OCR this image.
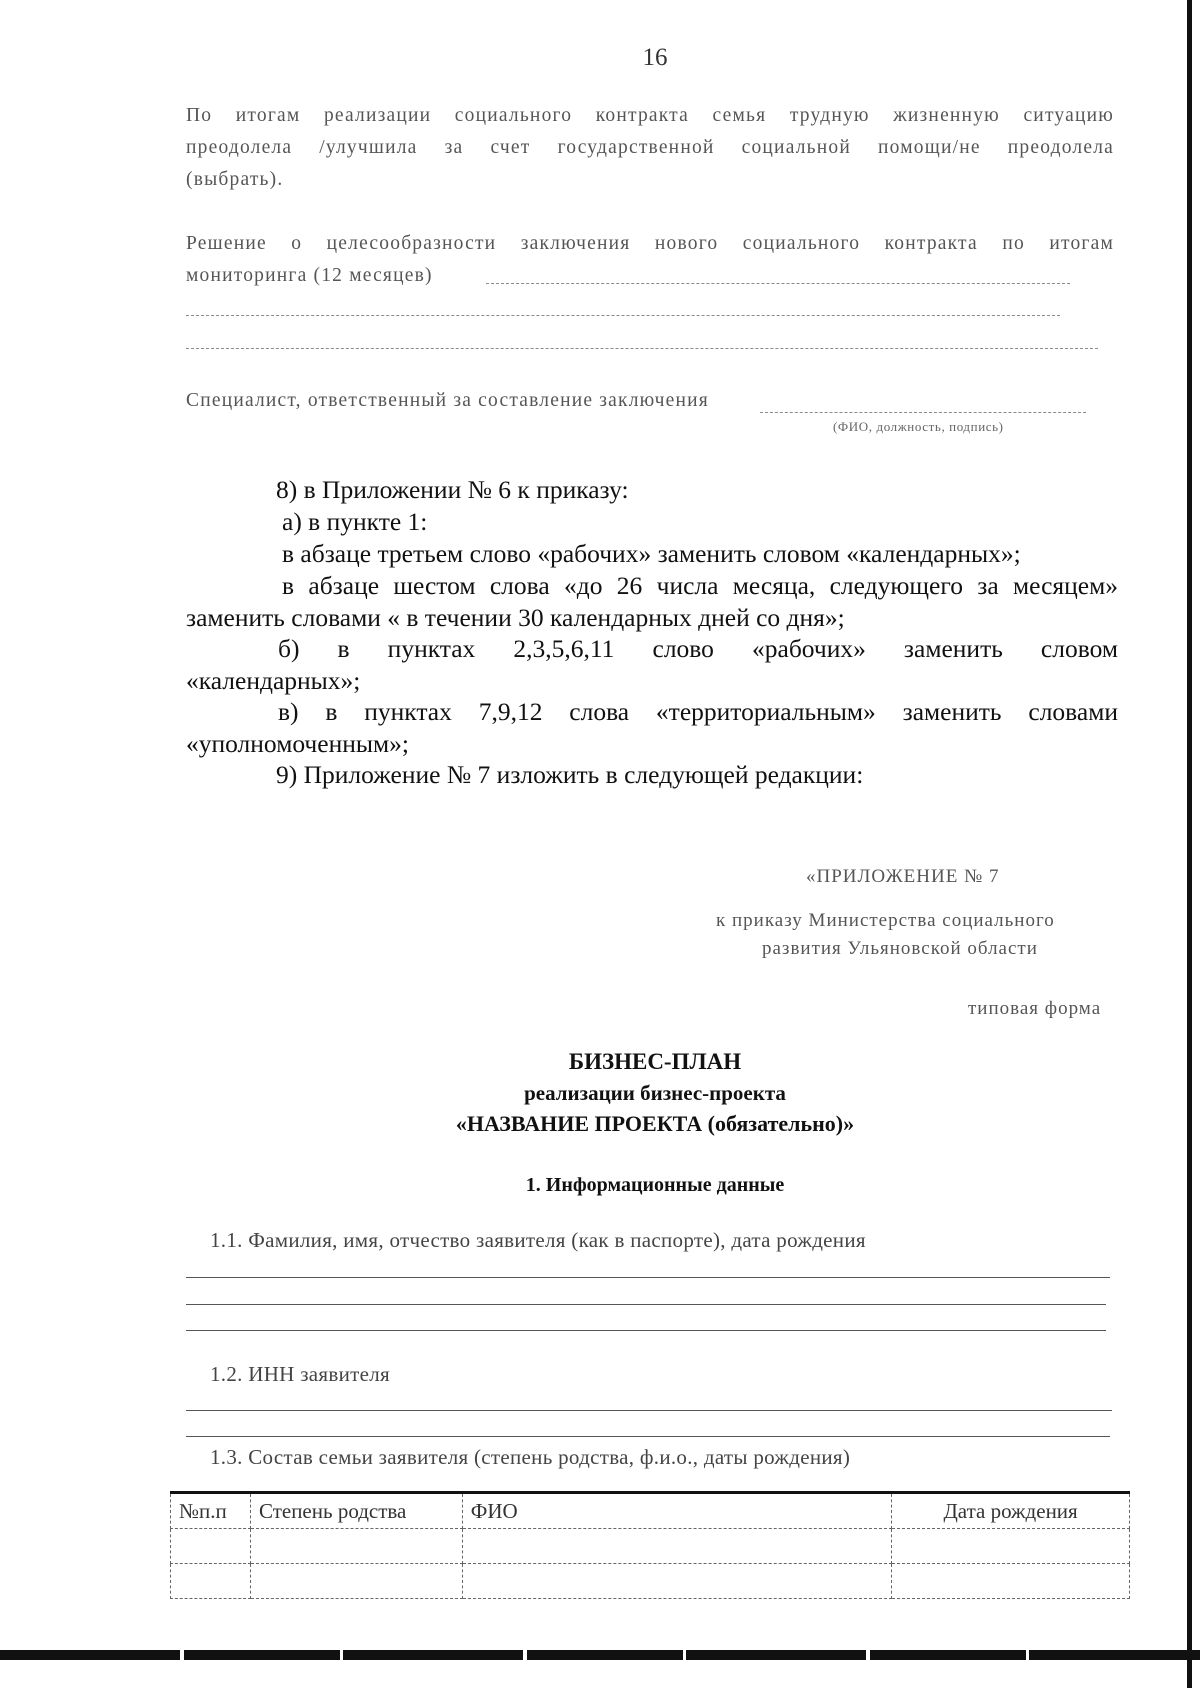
16
По итогам реализации социального контракта семья трудную жизненную ситуацию
преодолела /улучшила за счет государственной социальной помощи/не преодолела
(выбрать).
Решение о целесообразности заключения нового социального контракта по итогам
мониторинга (12 месяцев)
Специалист, ответственный за составление заключения
(ФИО, должность, подпись)
8) в Приложении № 6 к приказу:
а) в пункте 1:
в абзаце третьем слово «рабочих» заменить словом «календарных»;
в абзаце шестом слова «до 26 числа месяца, следующего за месяцем»
заменить словами « в течении 30 календарных дней со дня»;
б) в пунктах 2,3,5,6,11 слово «рабочих» заменить словом
«календарных»;
в) в пунктах 7,9,12 слова «территориальным» заменить словами
«уполномоченным»;
9) Приложение № 7 изложить в следующей редакции:
«ПРИЛОЖЕНИЕ № 7
к приказу Министерства социального
развития Ульяновской области
типовая форма
БИЗНЕС-ПЛАН
реализации бизнес-проекта
«НАЗВАНИЕ ПРОЕКТА (обязательно)»
1. Информационные данные
1.1. Фамилия, имя, отчество заявителя (как в паспорте), дата рождения
1.2. ИНН заявителя
1.3. Состав семьи заявителя (степень родства, ф.и.о., даты рождения)
№п.п	Степень родства	ФИО	Дата рождения
